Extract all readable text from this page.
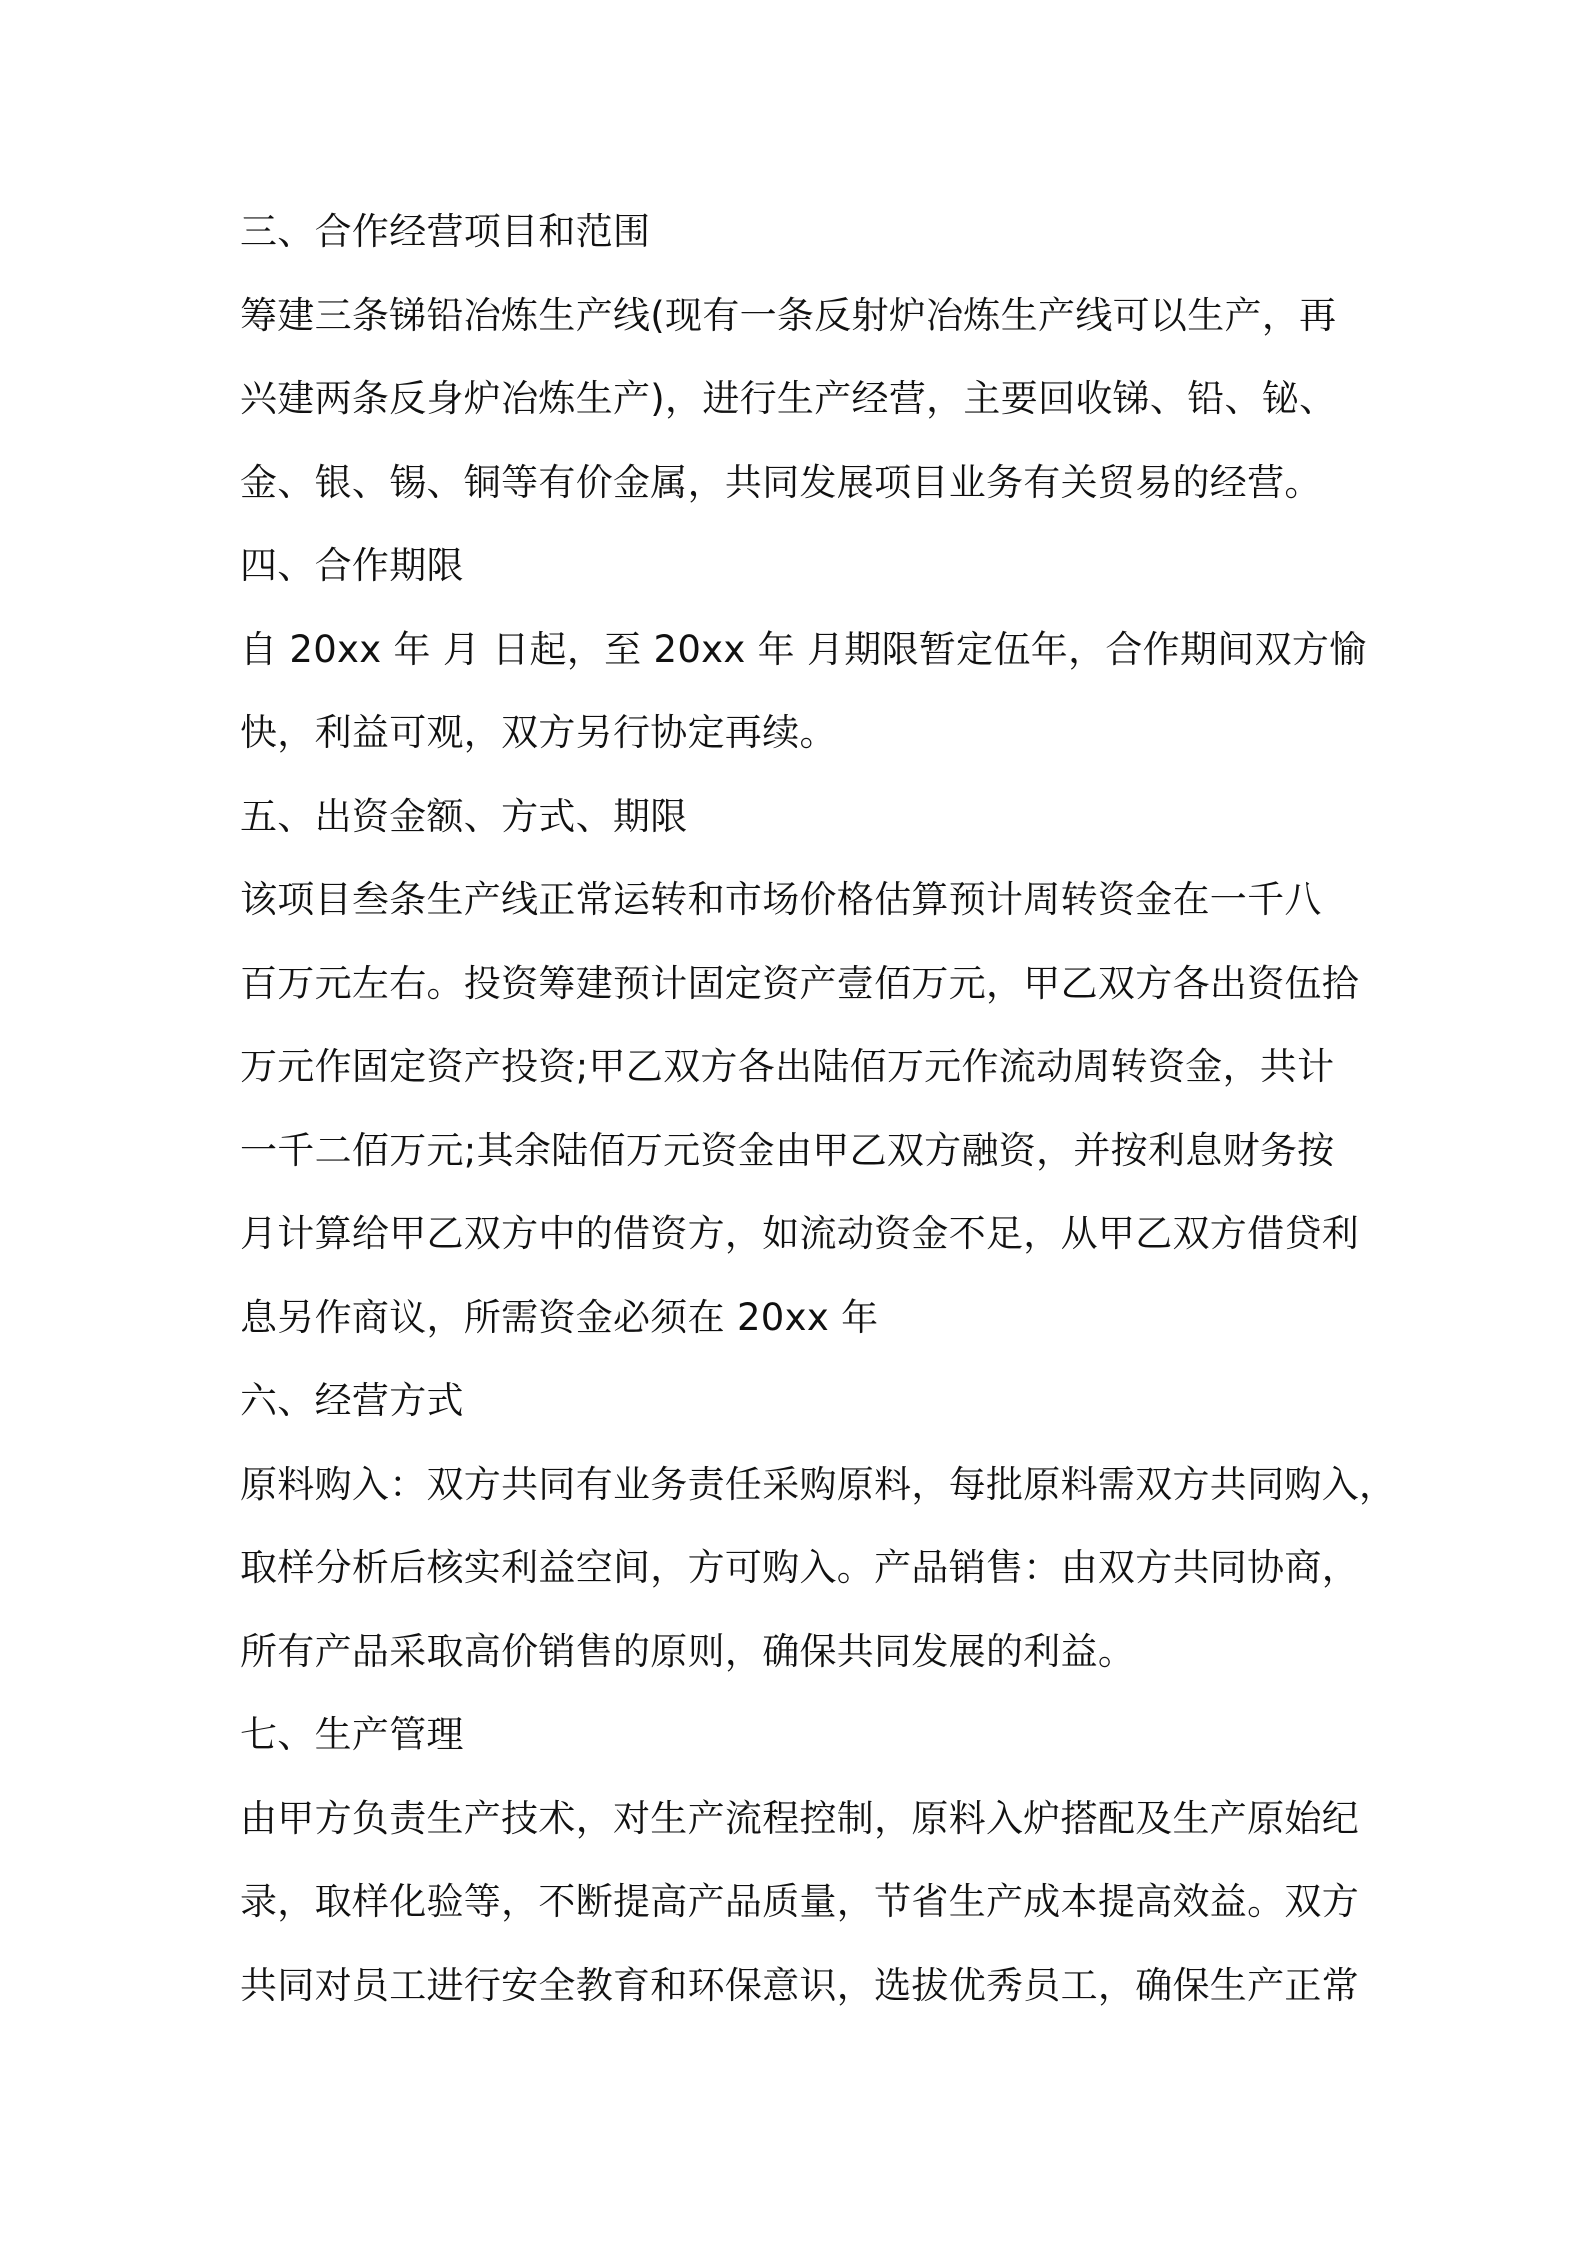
三、合作经营项目和范围
筹建三条锑铅冶炼生产线(现有一条反射炉冶炼生产线可以生产，再
兴建两条反身炉冶炼生产)，进行生产经营，主要回收锑、铅、铋、
金、银、锡、铜等有价金属，共同发展项目业务有关贸易的经营。
四、合作期限
自 20xx 年 月 日起，至 20xx 年 月期限暂定伍年，合作期间双方愉
快，利益可观，双方另行协定再续。
五、出资金额、方式、期限
该项目叁条生产线正常运转和市场价格估算预计周转资金在一千八
百万元左右。投资筹建预计固定资产壹佰万元，甲乙双方各出资伍拾
万元作固定资产投资;甲乙双方各出陆佰万元作流动周转资金，共计
一千二佰万元;其余陆佰万元资金由甲乙双方融资，并按利息财务按
月计算给甲乙双方中的借资方，如流动资金不足，从甲乙双方借贷利
息另作商议，所需资金必须在 20xx 年
六、经营方式
原料购入：双方共同有业务责任采购原料，每批原料需双方共同购入，
取样分析后核实利益空间，方可购入。产品销售：由双方共同协商，
所有产品采取高价销售的原则，确保共同发展的利益。
七、生产管理
由甲方负责生产技术，对生产流程控制，原料入炉搭配及生产原始纪
录，取样化验等，不断提高产品质量，节省生产成本提高效益。双方
共同对员工进行安全教育和环保意识，选拔优秀员工，确保生产正常
